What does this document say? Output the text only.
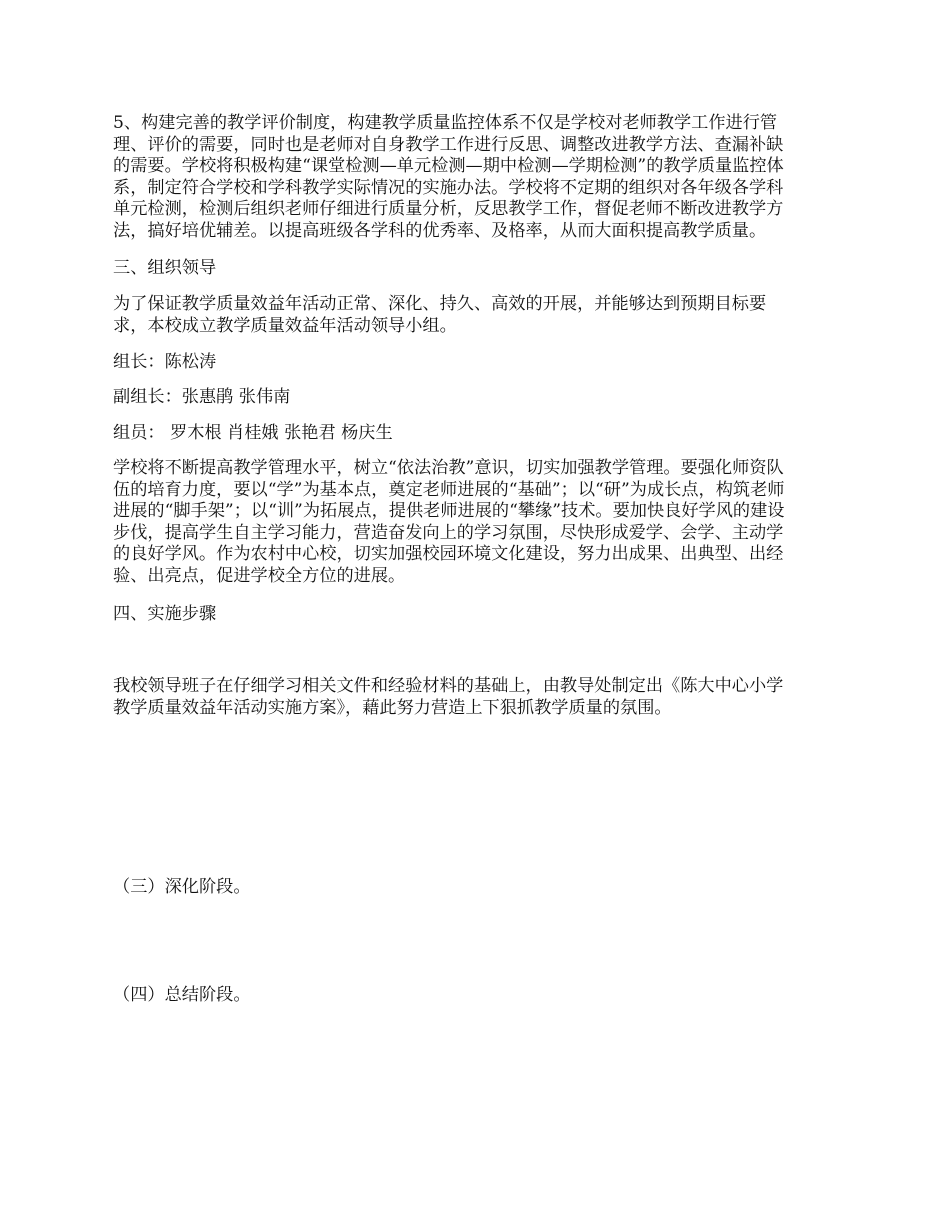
5、构建完善的教学评价制度，构建教学质量监控体系不仅是学校对老师教学工作进行管
理、评价的需要，同时也是老师对自身教学工作进行反思、调整改进教学方法、查漏补缺
的需要。学校将积极构建“课堂检测—单元检测—期中检测—学期检测”的教学质量监控体
系，制定符合学校和学科教学实际情况的实施办法。学校将不定期的组织对各年级各学科
单元检测，检测后组织老师仔细进行质量分析，反思教学工作，督促老师不断改进教学方
法，搞好培优辅差。以提高班级各学科的优秀率、及格率，从而大面积提高教学质量。
三、组织领导
为了保证教学质量效益年活动正常、深化、持久、高效的开展，并能够达到预期目标要
求，本校成立教学质量效益年活动领导小组。
组长：陈松涛
副组长：张惠鹃 张伟南
组员： 罗木根 肖桂娥 张艳君 杨庆生
学校将不断提高教学管理水平，树立“依法治教”意识，切实加强教学管理。要强化师资队
伍的培育力度，要以“学”为基本点，奠定老师进展的“基础”；以“研”为成长点，构筑老师
进展的“脚手架”；以“训”为拓展点，提供老师进展的“攀缘”技术。要加快良好学风的建设
步伐，提高学生自主学习能力，营造奋发向上的学习氛围，尽快形成爱学、会学、主动学
的良好学风。作为农村中心校，切实加强校园环境文化建设，努力出成果、出典型、出经
验、出亮点，促进学校全方位的进展。
四、实施步骤
我校领导班子在仔细学习相关文件和经验材料的基础上，由教导处制定出《陈大中心小学
教学质量效益年活动实施方案》，藉此努力营造上下狠抓教学质量的氛围。
（三）深化阶段。
（四）总结阶段。
